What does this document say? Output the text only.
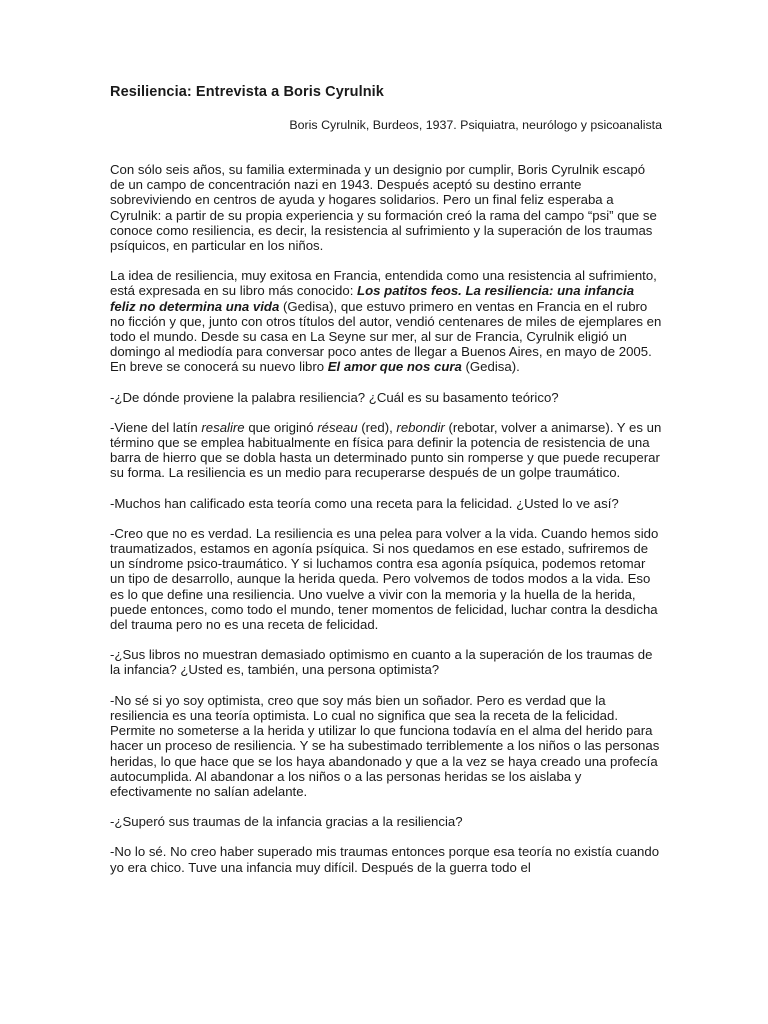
Resiliencia: Entrevista a Boris Cyrulnik
Boris Cyrulnik, Burdeos, 1937. Psiquiatra, neurólogo y psicoanalista

Con sólo seis años, su familia exterminada y un designio por cumplir, Boris Cyrulnik escapó de un campo de concentración nazi en 1943. Después aceptó su destino errante sobreviviendo en centros de ayuda y hogares solidarios. Pero un final feliz esperaba a Cyrulnik: a partir de su propia experiencia y su formación creó la rama del campo “psi” que se conoce como resiliencia, es decir, la resistencia al sufrimiento y la superación de los traumas psíquicos, en particular en los niños.

La idea de resiliencia, muy exitosa en Francia, entendida como una resistencia al sufrimiento, está expresada en su libro más conocido: Los patitos feos. La resiliencia: una infancia feliz no determina una vida (Gedisa), que estuvo primero en ventas en Francia en el rubro no ficción y que, junto con otros títulos del autor, vendió centenares de miles de ejemplares en todo el mundo. Desde su casa en La Seyne sur mer, al sur de Francia, Cyrulnik eligió un domingo al mediodía para conversar poco antes de llegar a Buenos Aires, en mayo de 2005. En breve se conocerá su nuevo libro El amor que nos cura (Gedisa).

-¿De dónde proviene la palabra resiliencia? ¿Cuál es su basamento teórico?

-Viene del latín resalire que originó réseau (red), rebondir (rebotar, volver a animarse). Y es un término que se emplea habitualmente en física para definir la potencia de resistencia de una barra de hierro que se dobla hasta un determinado punto sin romperse y que puede recuperar su forma. La resiliencia es un medio para recuperarse después de un golpe traumático.

-Muchos han calificado esta teoría como una receta para la felicidad. ¿Usted lo ve así?

-Creo que no es verdad. La resiliencia es una pelea para volver a la vida. Cuando hemos sido traumatizados, estamos en agonía psíquica. Si nos quedamos en ese estado, sufriremos de un síndrome psico-traumático. Y si luchamos contra esa agonía psíquica, podemos retomar un tipo de desarrollo, aunque la herida queda. Pero volvemos de todos modos a la vida. Eso es lo que define una resiliencia. Uno vuelve a vivir con la memoria y la huella de la herida, puede entonces, como todo el mundo, tener momentos de felicidad, luchar contra la desdicha del trauma pero no es una receta de felicidad.

-¿Sus libros no muestran demasiado optimismo en cuanto a la superación de los traumas de la infancia? ¿Usted es, también, una persona optimista?

-No sé si yo soy optimista, creo que soy más bien un soñador. Pero es verdad que la resiliencia es una teoría optimista. Lo cual no significa que sea la receta de la felicidad. Permite no someterse a la herida y utilizar lo que funciona todavía en el alma del herido para hacer un proceso de resiliencia. Y se ha subestimado terriblemente a los niños o las personas heridas, lo que hace que se los haya abandonado y que a la vez se haya creado una profecía autocumplida. Al abandonar a los niños o a las personas heridas se los aislaba y efectivamente no salían adelante.

-¿Superó sus traumas de la infancia gracias a la resiliencia?

-No lo sé. No creo haber superado mis traumas entonces porque esa teoría no existía cuando yo era chico. Tuve una infancia muy difícil. Después de la guerra todo el
